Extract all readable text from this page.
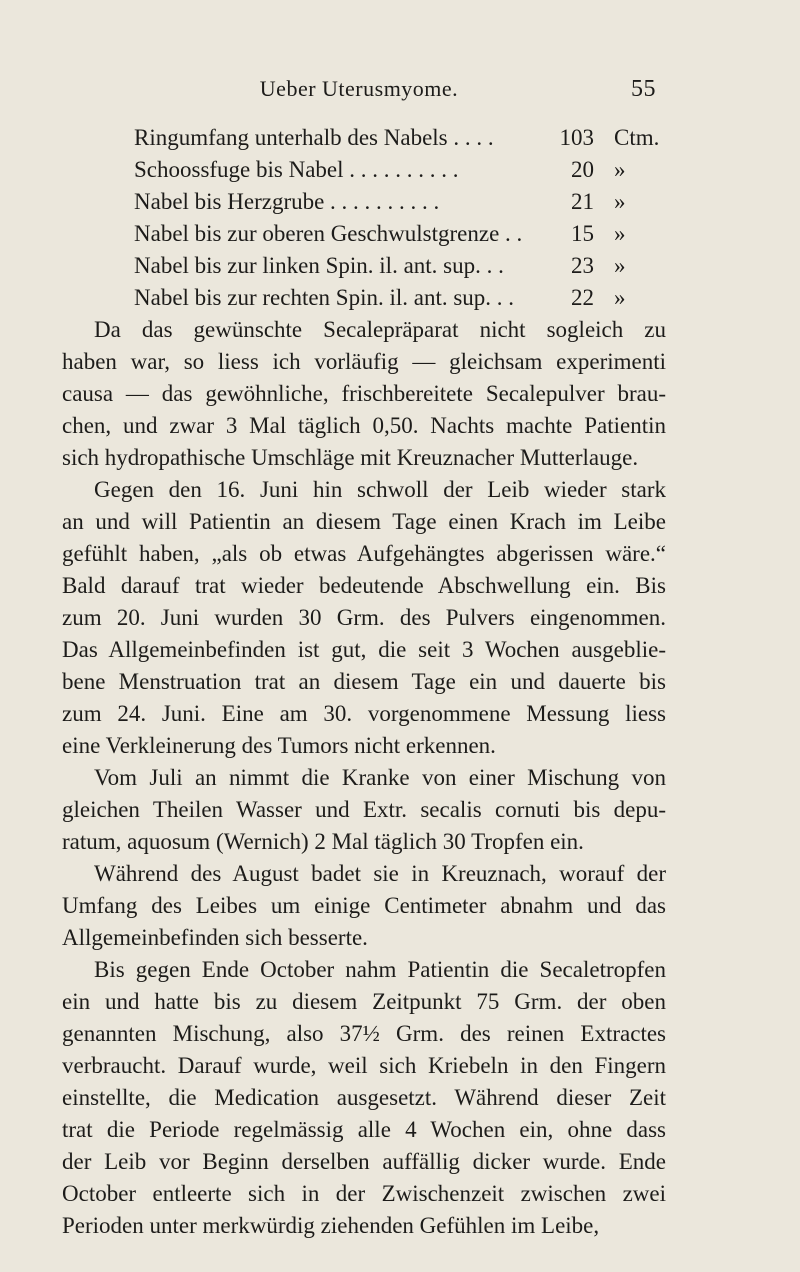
Ueber Uterusmyome.	55
Ringumfang unterhalb des Nabels . . . .	103 Ctm.
Schoossfuge bis Nabel . . . . . . . . . .	20 »
Nabel bis Herzgrube . . . . . . . . . .	21 »
Nabel bis zur oberen Geschwulstgrenze . .	15 »
Nabel bis zur linken Spin. il. ant. sup. . .	23 »
Nabel bis zur rechten Spin. il. ant. sup. . .	22 »
Da das gewünschte Secalepräparat nicht sogleich zu
haben war, so liess ich vorläufig — gleichsam experimenti
causa — das gewöhnliche, frischbereitete Secalepulver brau-
chen, und zwar 3 Mal täglich 0,50. Nachts machte Patientin
sich hydropathische Umschläge mit Kreuznacher Mutterlauge.
Gegen den 16. Juni hin schwoll der Leib wieder stark
an und will Patientin an diesem Tage einen Krach im Leibe
gefühlt haben, „als ob etwas Aufgehängtes abgerissen wäre.“
Bald darauf trat wieder bedeutende Abschwellung ein. Bis
zum 20. Juni wurden 30 Grm. des Pulvers eingenommen.
Das Allgemeinbefinden ist gut, die seit 3 Wochen ausgeblie-
bene Menstruation trat an diesem Tage ein und dauerte bis
zum 24. Juni. Eine am 30. vorgenommene Messung liess
eine Verkleinerung des Tumors nicht erkennen.
Vom Juli an nimmt die Kranke von einer Mischung von
gleichen Theilen Wasser und Extr. secalis cornuti bis depu-
ratum, aquosum (Wernich) 2 Mal täglich 30 Tropfen ein.
Während des August badet sie in Kreuznach, worauf der
Umfang des Leibes um einige Centimeter abnahm und das
Allgemeinbefinden sich besserte.
Bis gegen Ende October nahm Patientin die Secaletropfen
ein und hatte bis zu diesem Zeitpunkt 75 Grm. der oben
genannten Mischung, also 37½ Grm. des reinen Extractes
verbraucht. Darauf wurde, weil sich Kriebeln in den Fingern
einstellte, die Medication ausgesetzt. Während dieser Zeit
trat die Periode regelmässig alle 4 Wochen ein, ohne dass
der Leib vor Beginn derselben auffällig dicker wurde. Ende
October entleerte sich in der Zwischenzeit zwischen zwei
Perioden unter merkwürdig ziehenden Gefühlen im Leibe,
